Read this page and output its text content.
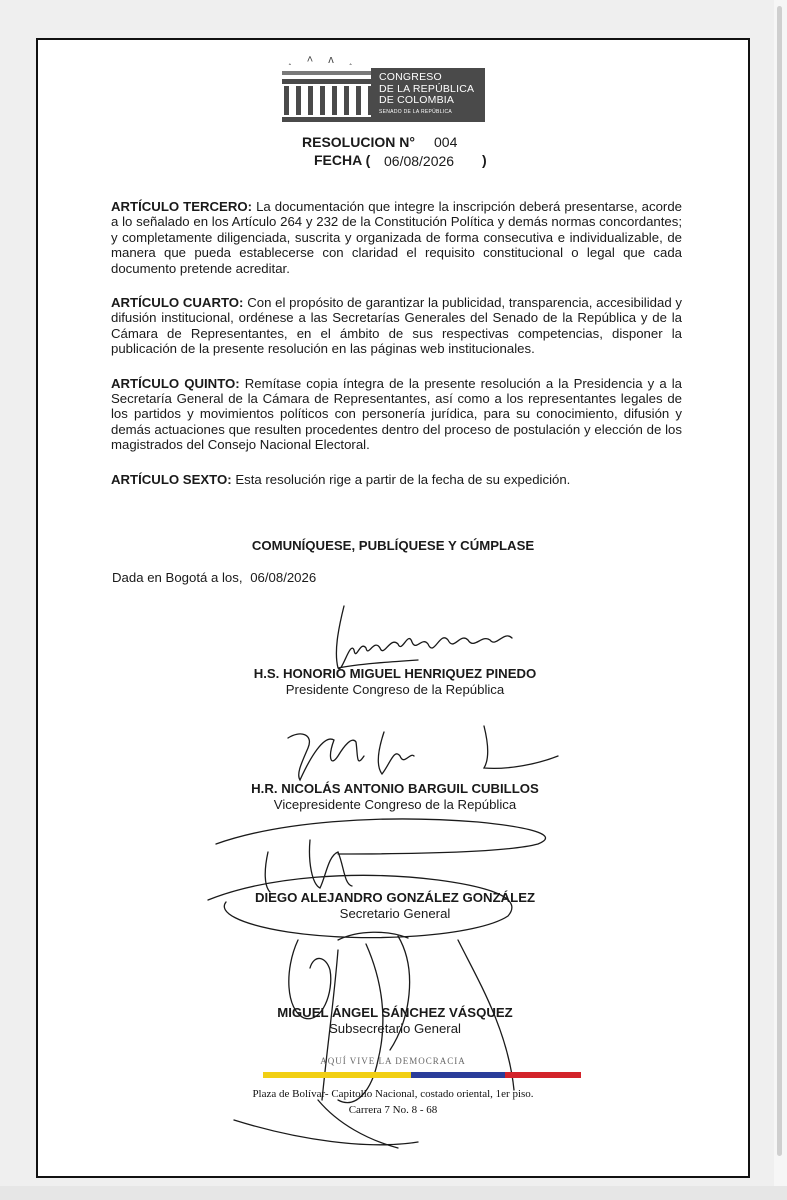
˰ ˄ ʌ ˰
CONGRESO
DE LA REPÚBLICA
DE COLOMBIA
SENADO DE LA REPÚBLICA
RESOLUCION N° 004
FECHA ( 06/08/2026 )

ARTÍCULO TERCERO: La documentación que integre la inscripción deberá presentarse, acorde a lo señalado en los Artículo 264 y 232 de la Constitución Política y demás normas concordantes; y completamente diligenciada, suscrita y organizada de forma consecutiva e individualizable, de manera que pueda establecerse con claridad el requisito constitucional o legal que cada documento pretende acreditar.

ARTÍCULO CUARTO: Con el propósito de garantizar la publicidad, transparencia, accesibilidad y difusión institucional, ordénese a las Secretarías Generales del Senado de la República y de la Cámara de Representantes, en el ámbito de sus respectivas competencias, disponer la publicación de la presente resolución en las páginas web institucionales.

ARTÍCULO QUINTO: Remítase copia íntegra de la presente resolución a la Presidencia y a la Secretaría General de la Cámara de Representantes, así como a los representantes legales de los partidos y movimientos políticos con personería jurídica, para su conocimiento, difusión y demás actuaciones que resulten procedentes dentro del proceso de postulación y elección de los magistrados del Consejo Nacional Electoral.

ARTÍCULO SEXTO: Esta resolución rige a partir de la fecha de su expedición.

COMUNÍQUESE, PUBLÍQUESE Y CÚMPLASE
Dada en Bogotá a los, 06/08/2026
H.S. HONORIO MIGUEL HENRIQUEZ PINEDO
Presidente Congreso de la República
H.R. NICOLÁS ANTONIO BARGUIL CUBILLOS
Vicepresidente Congreso de la República
DIEGO ALEJANDRO GONZÁLEZ GONZÁLEZ
Secretario General
MIGUEL ÁNGEL SÁNCHEZ VÁSQUEZ
Subsecretario General
AQUÍ VIVE LA DEMOCRACIA
Plaza de Bolívar- Capitolio Nacional, costado oriental, 1er piso.
Carrera 7 No. 8 - 68
